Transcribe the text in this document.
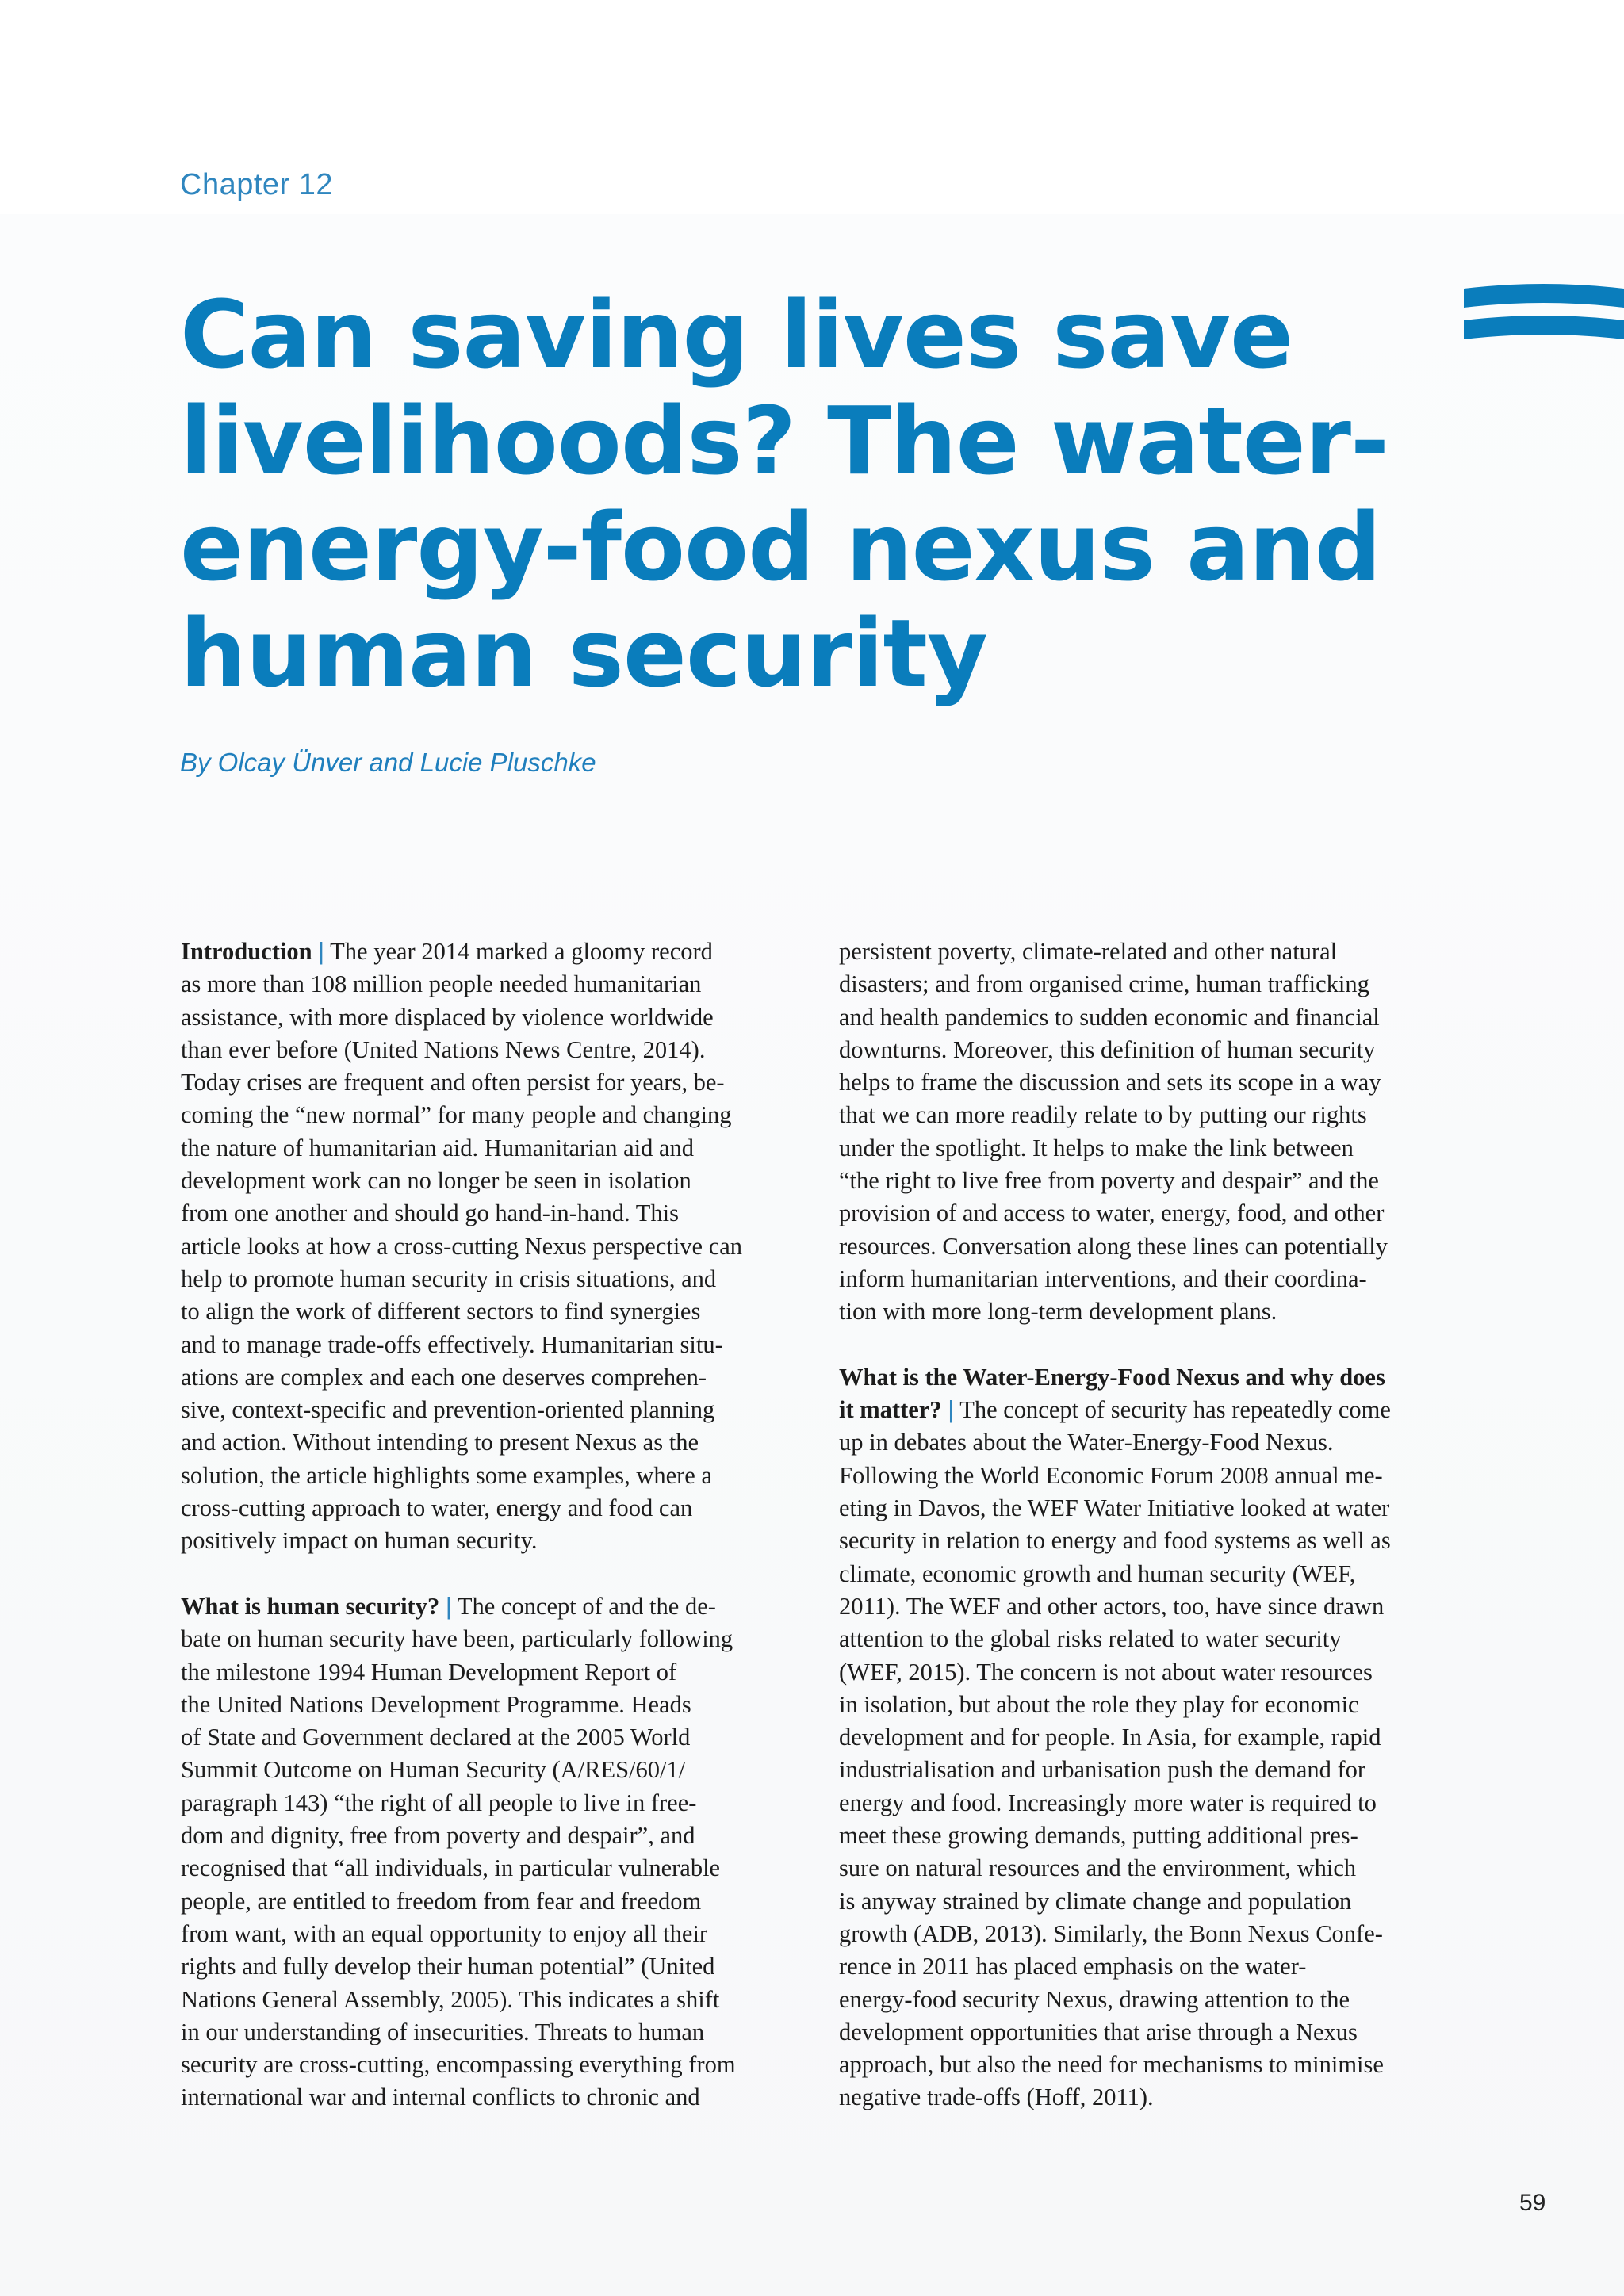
Chapter 12
Can saving lives save
livelihoods? The water-
energy-food nexus and
human security
By Olcay Ünver and Lucie Pluschke
Introduction | The year 2014 marked a gloomy record
as more than 108 million people needed humanitarian
assistance, with more displaced by violence worldwide
than ever before (United Nations News Centre, 2014).
Today crises are frequent and often persist for years, be-
coming the “new normal” for many people and changing
the nature of humanitarian aid. Humanitarian aid and
development work can no longer be seen in isolation
from one another and should go hand-in-hand. This
article looks at how a cross-cutting Nexus perspective can
help to promote human security in crisis situations, and
to align the work of different sectors to find synergies
and to manage trade-offs effectively. Humanitarian situ-
ations are complex and each one deserves comprehen-
sive, context-specific and prevention-oriented planning
and action. Without intending to present Nexus as the
solution, the article highlights some examples, where a
cross-cutting approach to water, energy and food can
positively impact on human security.
What is human security? | The concept of and the de-
bate on human security have been, particularly following
the milestone 1994 Human Development Report of
the United Nations Development Programme. Heads
of State and Government declared at the 2005 World
Summit Outcome on Human Security (A/RES/60/1/
paragraph 143) “the right of all people to live in free-
dom and dignity, free from poverty and despair”, and
recognised that “all individuals, in particular vulnerable
people, are entitled to freedom from fear and freedom
from want, with an equal opportunity to enjoy all their
rights and fully develop their human potential” (United
Nations General Assembly, 2005). This indicates a shift
in our understanding of insecurities. Threats to human
security are cross-cutting, encompassing everything from
international war and internal conflicts to chronic and
persistent poverty, climate-related and other natural
disasters; and from organised crime, human trafficking
and health pandemics to sudden economic and financial
downturns. Moreover, this definition of human security
helps to frame the discussion and sets its scope in a way
that we can more readily relate to by putting our rights
under the spotlight. It helps to make the link between
“the right to live free from poverty and despair” and the
provision of and access to water, energy, food, and other
resources. Conversation along these lines can potentially
inform humanitarian interventions, and their coordina-
tion with more long-term development plans.
What is the Water-Energy-Food Nexus and why does
it matter? | The concept of security has repeatedly come
up in debates about the Water-Energy-Food Nexus.
Following the World Economic Forum 2008 annual me-
eting in Davos, the WEF Water Initiative looked at water
security in relation to energy and food systems as well as
climate, economic growth and human security (WEF,
2011). The WEF and other actors, too, have since drawn
attention to the global risks related to water security
(WEF, 2015). The concern is not about water resources
in isolation, but about the role they play for economic
development and for people. In Asia, for example, rapid
industrialisation and urbanisation push the demand for
energy and food. Increasingly more water is required to
meet these growing demands, putting additional pres-
sure on natural resources and the environment, which
is anyway strained by climate change and population
growth (ADB, 2013). Similarly, the Bonn Nexus Confe-
rence in 2011 has placed emphasis on the water-
energy-food security Nexus, drawing attention to the
development opportunities that arise through a Nexus
approach, but also the need for mechanisms to minimise
negative trade-offs (Hoff, 2011).
59
